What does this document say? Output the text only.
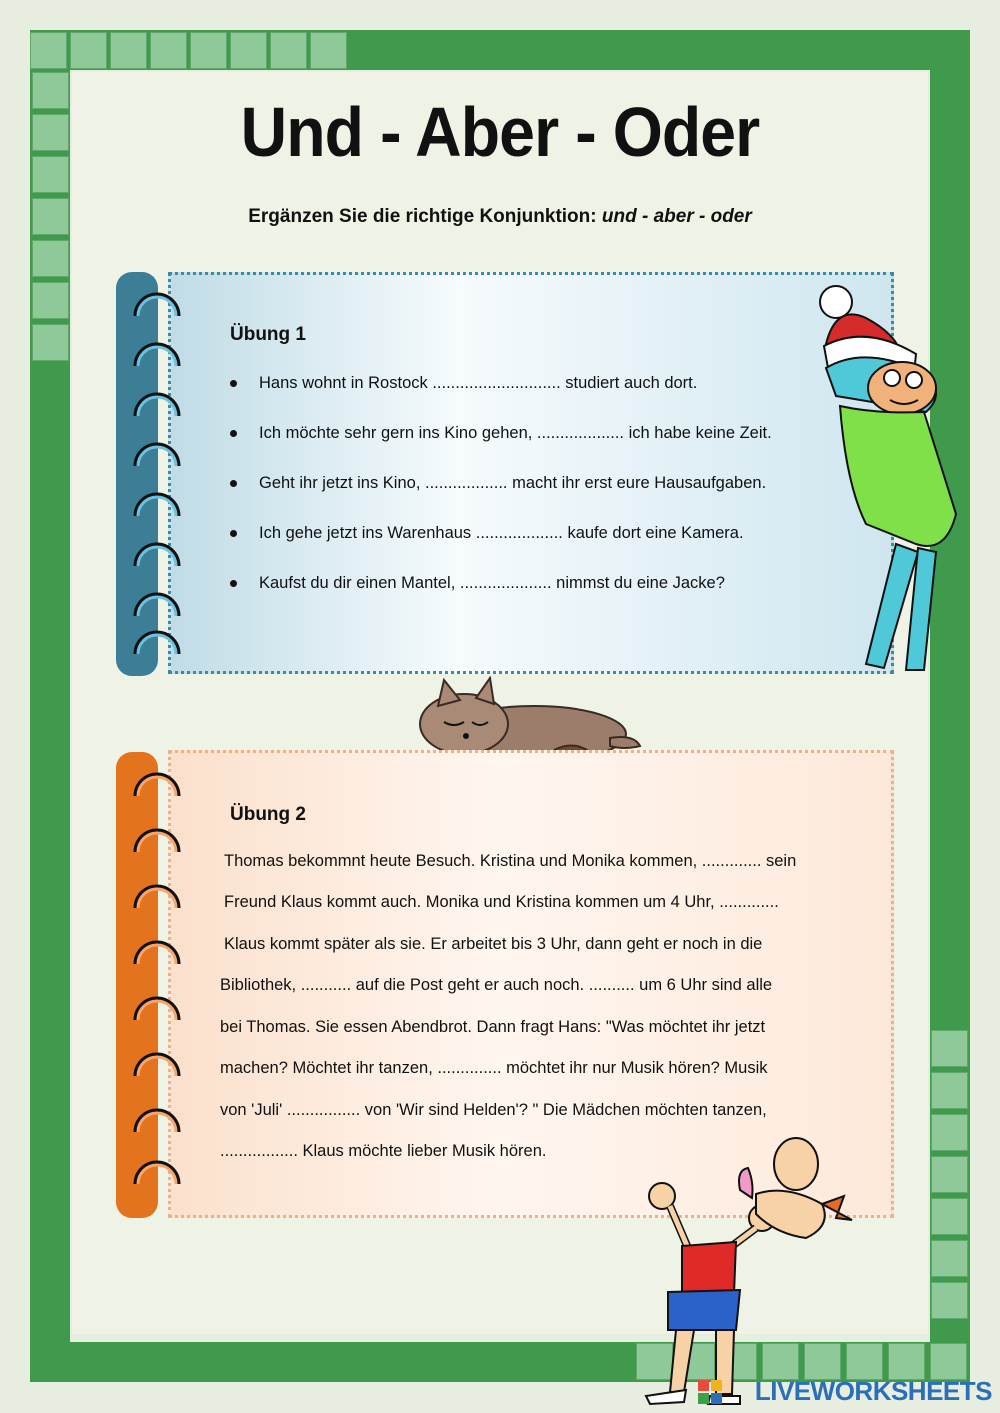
Und - Aber - Oder

Ergänzen Sie die richtige Konjunktion: und - aber - oder

Übung 1
Hans wohnt in Rostock ............................ studiert auch dort.
Ich möchte sehr gern ins Kino gehen, ................... ich habe keine Zeit.
Geht ihr jetzt ins Kino, .................. macht ihr erst eure Hausaufgaben.
Ich gehe jetzt ins Warenhaus ................... kaufe dort eine Kamera.
Kaufst du dir einen Mantel, .................... nimmst du eine Jacke?
Übung 2
Thomas bekommnt heute Besuch. Kristina und Monika kommen, ............. sein
Freund Klaus kommt auch. Monika und Kristina kommen um 4 Uhr, .............
Klaus kommt später als sie. Er arbeitet bis 3 Uhr, dann geht er noch in die
Bibliothek, ........... auf die Post geht er auch noch. .......... um 6 Uhr sind alle
bei Thomas. Sie essen Abendbrot. Dann fragt Hans: "Was möchtet ihr jetzt
machen? Möchtet ihr tanzen, .............. möchtet ihr nur Musik hören? Musik
von 'Juli' ................ von 'Wir sind Helden'? " Die Mädchen möchten tanzen,
................. Klaus möchte lieber Musik hören.
LIVEWORKSHEETS
